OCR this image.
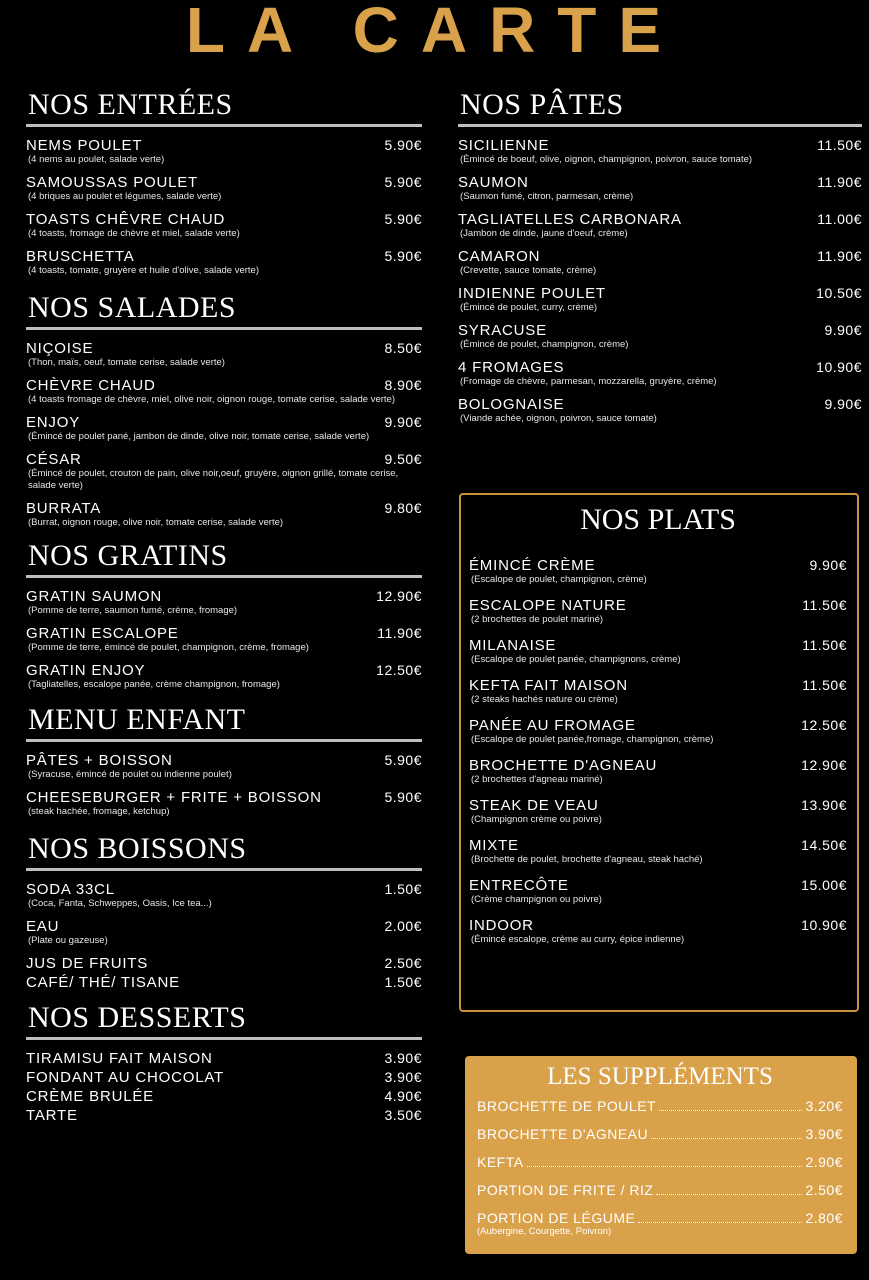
LA CARTE
NOS ENTRÉES
NEMS POULET	5.90€
(4 nems au poulet, salade verte)
SAMOUSSAS POULET	5.90€
(4 briques au poulet et légumes, salade verte)
TOASTS CHÊVRE CHAUD	5.90€
(4 toasts, fromage de chèvre et miel, salade verte)
BRUSCHETTA	5.90€
(4 toasts, tomate, gruyère et huile d'olive, salade verte)
NOS SALADES
NIÇOISE	8.50€
(Thon, maïs, oeuf, tomate cerise, salade verte)
CHÈVRE CHAUD	8.90€
(4 toasts fromage de chèvre, miel, olive noir, oignon rouge, tomate cerise, salade verte)
ENJOY	9.90€
(Émincé de poulet pané, jambon de dinde, olive noir, tomate cerise, salade verte)
CÉSAR	9.50€
(Émincé de poulet, crouton de pain, olive noir,oeuf, gruyère, oignon grillé, tomate cerise, salade verte)
BURRATA	9.80€
(Burrat, oignon rouge, olive noir, tomate cerise, salade verte)
NOS GRATINS
GRATIN SAUMON	12.90€
(Pomme de terre, saumon fumé, crème, fromage)
GRATIN ESCALOPE	11.90€
(Pomme de terre, émincé de poulet, champignon, crème, fromage)
GRATIN ENJOY	12.50€
(Tagliatelles, escalope panée, crème champignon, fromage)
MENU ENFANT
PÂTES + BOISSON	5.90€
(Syracuse, émincé de poulet ou indienne poulet)
CHEESEBURGER + FRITE + BOISSON	5.90€
(steak hachée, fromage, ketchup)
NOS BOISSONS
SODA 33CL	1.50€
(Coca, Fanta, Schweppes, Oasis, Ice tea...)
EAU	2.00€
(Plate ou gazeuse)
JUS DE FRUITS	2.50€
CAFÉ/ THÉ/ TISANE	1.50€
NOS DESSERTS
TIRAMISU FAIT MAISON	3.90€
FONDANT AU CHOCOLAT	3.90€
CRÈME BRULÉE	4.90€
TARTE	3.50€
NOS PÂTES
SICILIENNE	11.50€
(Émincé de boeuf, olive, oignon, champignon, poivron, sauce tomate)
SAUMON	11.90€
(Saumon fumé, citron, parmesan, crème)
TAGLIATELLES CARBONARA	11.00€
(Jambon de dinde, jaune d'oeuf, crème)
CAMARON	11.90€
(Crevette, sauce tomate, crème)
INDIENNE POULET	10.50€
(Émincé de poulet, curry, crème)
SYRACUSE	9.90€
(Émincé de poulet, champignon, crème)
4 FROMAGES	10.90€
(Fromage de chèvre, parmesan, mozzarella, gruyère, crème)
BOLOGNAISE	9.90€
(Viande achée, oignon, poivron, sauce tomate)
NOS PLATS
ÉMINCÉ CRÈME	9.90€
(Escalope de poulet, champignon, crème)
ESCALOPE NATURE	11.50€
(2 brochettes de poulet mariné)
MILANAISE	11.50€
(Escalope de poulet panée, champignons, crème)
KEFTA FAIT MAISON	11.50€
(2 steaks hachés nature ou crème)
PANÉE AU FROMAGE	12.50€
(Escalope de poulet panée,fromage, champignon, crème)
BROCHETTE D'AGNEAU	12.90€
(2 brochettes d'agneau mariné)
STEAK DE VEAU	13.90€
(Champignon crème ou poivre)
MIXTE	14.50€
(Brochette de poulet, brochette d'agneau, steak haché)
ENTRECÔTE	15.00€
(Crème champignon ou poivre)
INDOOR	10.90€
(Émincé escalope, crème au curry, épice indienne)
LES SUPPLÉMENTS
BROCHETTE DE POULET	3.20€
BROCHETTE D'AGNEAU	3.90€
KEFTA	2.90€
PORTION DE FRITE / RIZ	2.50€
PORTION DE LÉGUME	2.80€
(Aubergine, Courgette, Poivron)
